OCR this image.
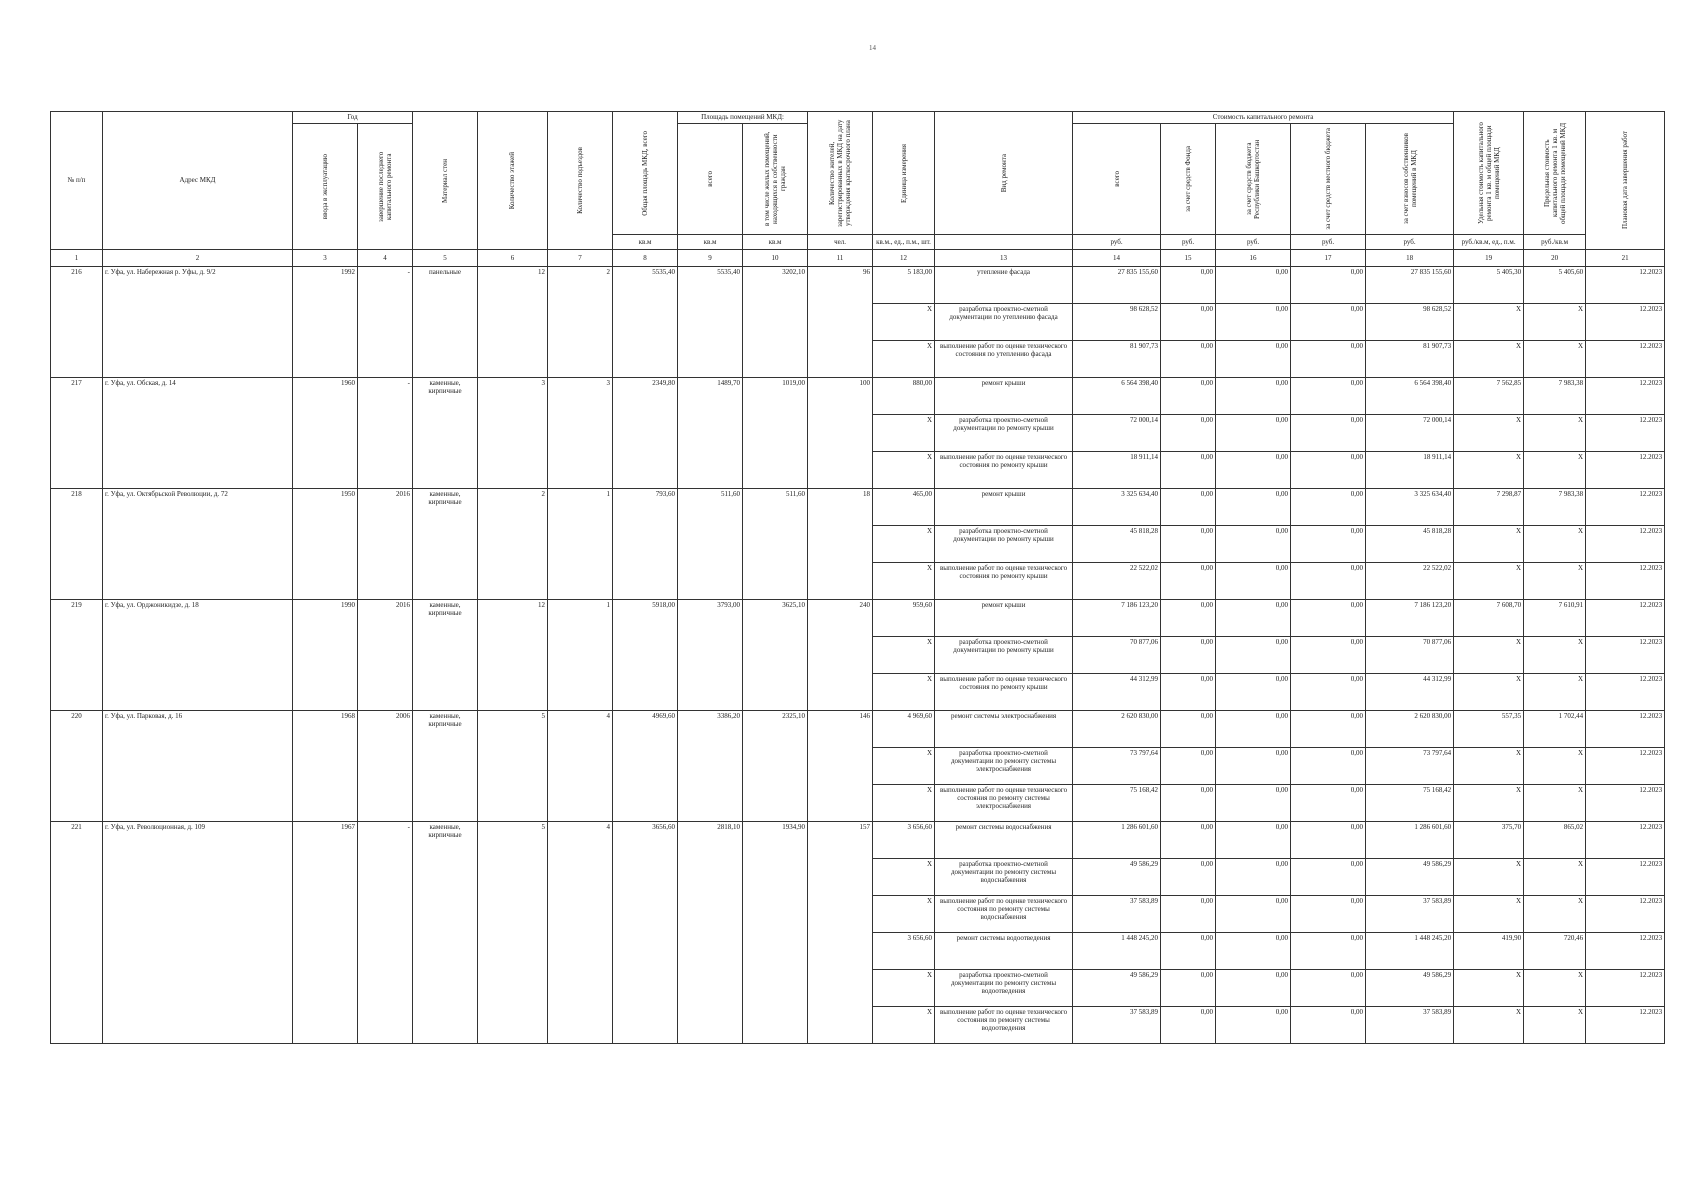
14
№ п/п	Адрес МКД	Год		Материал стен	Количество этажей	Количество подъездов	Общая площадь МКД, всего	Площадь помещений МКД:		Количество жителей, зарегистрированных в МКД на дату утверждения краткосрочного плана	Единица измерения	Вид ремонта	Стоимость капитального ремонта					Удельная стоимость капитального ремонта 1 кв. м общей площади помещений МКД	Предельная стоимость капитального ремонта 1 кв. м общей площади помещений МКД	Плановая дата завершения работ

		ввода в эксплуатацию	завершение последнего капитального ремонта					всего	в том числе жилых помещений, находящихся в собственности граждан				всего	за счет средств Фонда	за счет средств бюджета Республики Башкортостан	за счет средств местного бюджета	за счет взносов собственников помещений в МКД			

							кв.м	кв.м	кв.м	чел.	кв.м., ед., п.м., шт.		руб.	руб.	руб.	руб.	руб.	руб./кв.м, ед., п.м.	руб./кв.м	
1	2	3	4	5	6	7	8	9	10	11	12	13	14	15	16	17	18	19	20	21
216	г. Уфа, ул. Набережная р. Уфы, д. 9/2	1992	-	панельные	12	2	5535,40	5535,40	3202,10	96	5 183,00	утепление фасада	27 835 155,60	0,00	0,00	0,00	27 835 155,60	5 405,30	5 405,60	12.2023
											X	разработка проектно-сметной документации по утеплению фасада	98 628,52	0,00	0,00	0,00	98 628,52	X	X	12.2023
											X	выполнение работ по оценке технического состояния по утеплению фасада	81 907,73	0,00	0,00	0,00	81 907,73	X	X	12.2023
217	г. Уфа, ул. Обская, д. 14	1960	-	каменные, кирпичные	3	3	2349,80	1489,70	1019,00	100	880,00	ремонт крыши	6 564 398,40	0,00	0,00	0,00	6 564 398,40	7 562,85	7 983,38	12.2023
											X	разработка проектно-сметной документации по ремонту крыши	72 000,14	0,00	0,00	0,00	72 000,14	X	X	12.2023
											X	выполнение работ по оценке технического состояния по ремонту крыши	18 911,14	0,00	0,00	0,00	18 911,14	X	X	12.2023
218	г. Уфа, ул. Октябрьской Революции, д. 72	1950	2016	каменные, кирпичные	2	1	793,60	511,60	511,60	18	465,00	ремонт крыши	3 325 634,40	0,00	0,00	0,00	3 325 634,40	7 298,87	7 983,38	12.2023
											X	разработка проектно-сметной документации по ремонту крыши	45 818,28	0,00	0,00	0,00	45 818,28	X	X	12.2023
											X	выполнение работ по оценке технического состояния по ремонту крыши	22 522,02	0,00	0,00	0,00	22 522,02	X	X	12.2023
219	г. Уфа, ул. Орджоникидзе, д. 18	1990	2016	каменные, кирпичные	12	1	5918,00	3793,00	3625,10	240	959,60	ремонт крыши	7 186 123,20	0,00	0,00	0,00	7 186 123,20	7 608,70	7 610,91	12.2023
											X	разработка проектно-сметной документации по ремонту крыши	70 877,06	0,00	0,00	0,00	70 877,06	X	X	12.2023
											X	выполнение работ по оценке технического состояния по ремонту крыши	44 312,99	0,00	0,00	0,00	44 312,99	X	X	12.2023
220	г. Уфа, ул. Парковая, д. 16	1968	2006	каменные, кирпичные	5	4	4969,60	3386,20	2325,10	146	4 969,60	ремонт системы электроснабжения	2 620 830,00	0,00	0,00	0,00	2 620 830,00	557,35	1 702,44	12.2023
											X	разработка проектно-сметной документации по ремонту системы электроснабжения	73 797,64	0,00	0,00	0,00	73 797,64	X	X	12.2023
											X	выполнение работ по оценке технического состояния по ремонту системы электроснабжения	75 168,42	0,00	0,00	0,00	75 168,42	X	X	12.2023
221	г. Уфа, ул. Революционная, д. 109	1967	-	каменные, кирпичные	5	4	3656,60	2818,10	1934,90	157	3 656,60	ремонт системы водоснабжения	1 286 601,60	0,00	0,00	0,00	1 286 601,60	375,70	865,02	12.2023
											X	разработка проектно-сметной документации по ремонту системы водоснабжения	49 586,29	0,00	0,00	0,00	49 586,29	X	X	12.2023
											X	выполнение работ по оценке технического состояния по ремонту системы водоснабжения	37 583,89	0,00	0,00	0,00	37 583,89	X	X	12.2023
											3 656,60	ремонт системы водоотведения	1 448 245,20	0,00	0,00	0,00	1 448 245,20	419,90	720,46	12.2023
											X	разработка проектно-сметной документации по ремонту системы водоотведения	49 586,29	0,00	0,00	0,00	49 586,29	X	X	12.2023
											X	выполнение работ по оценке технического состояния по ремонту системы водоотведения	37 583,89	0,00	0,00	0,00	37 583,89	X	X	12.2023
